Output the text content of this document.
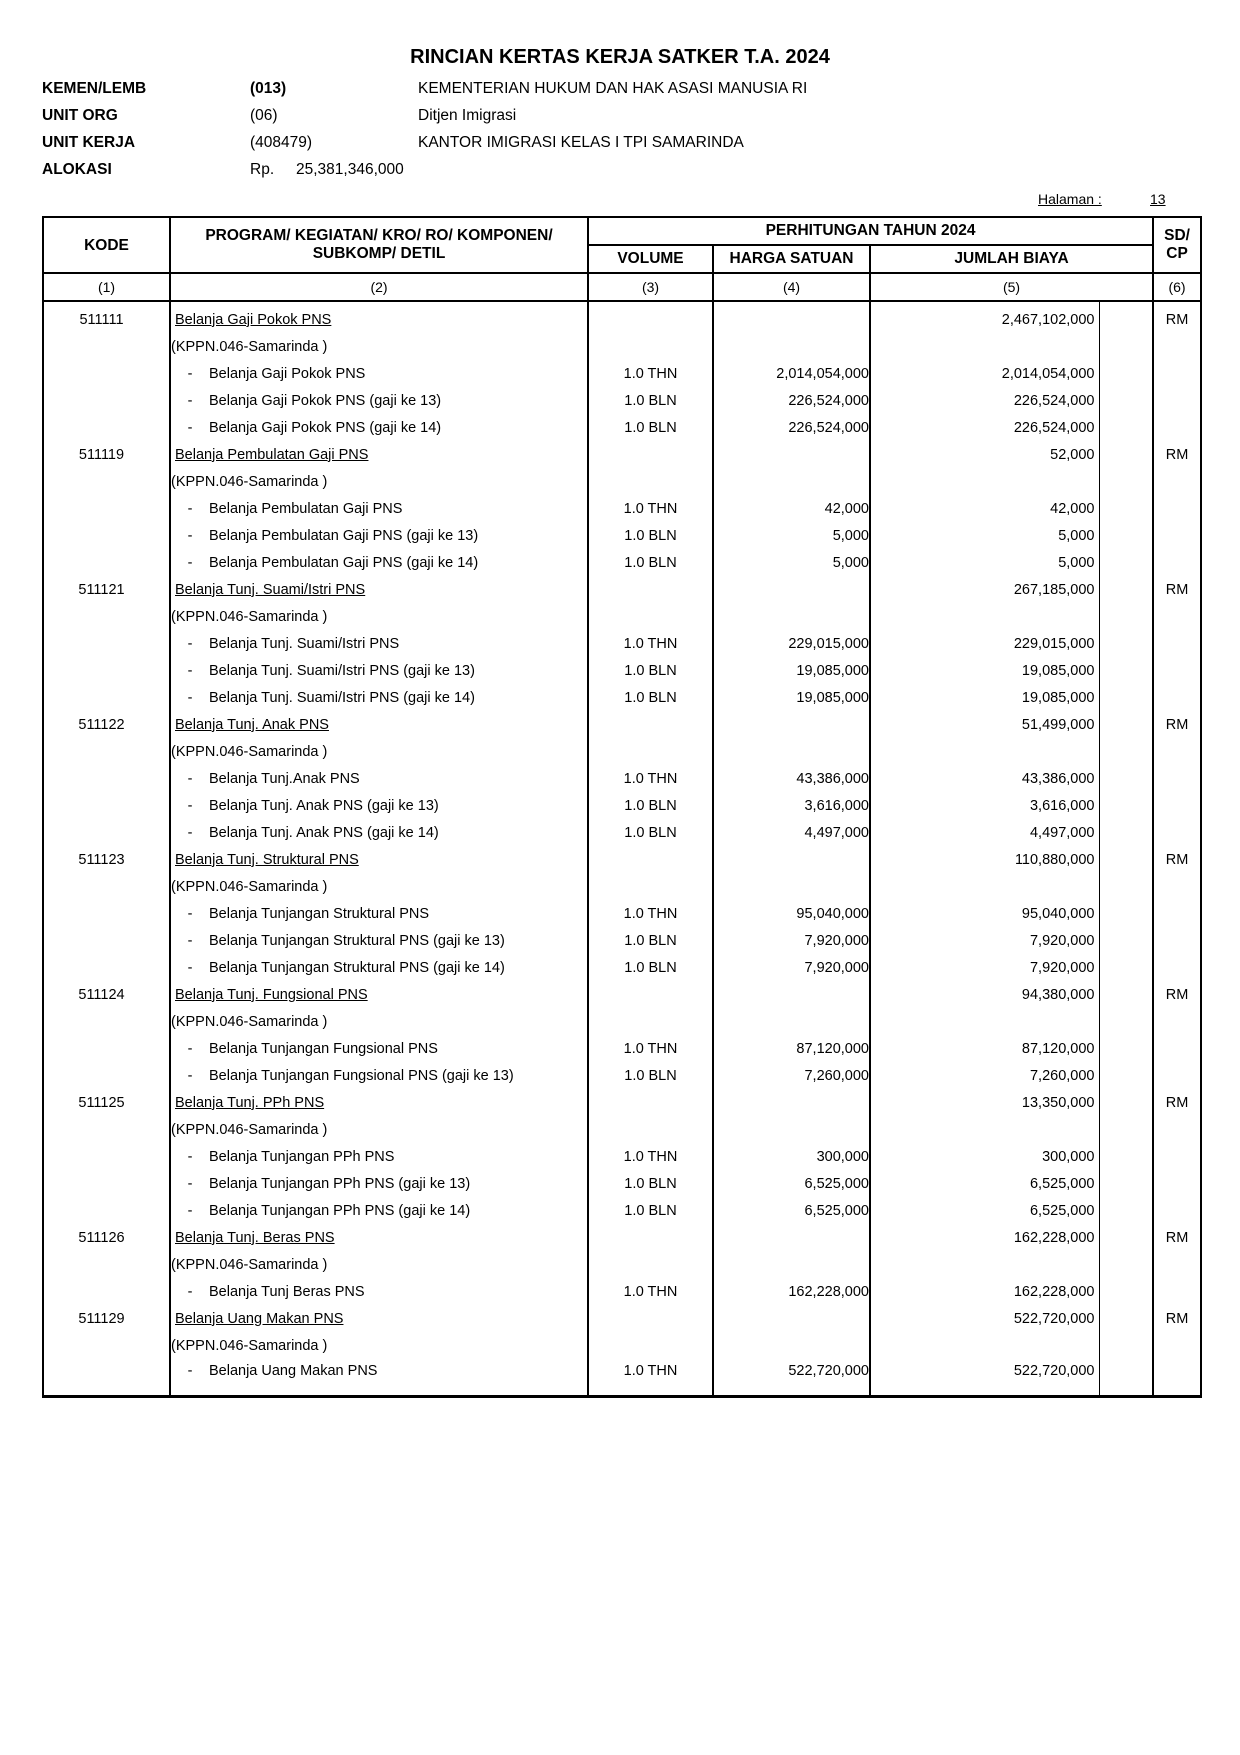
RINCIAN KERTAS KERJA SATKER T.A. 2024
KEMEN/LEMB	(013)	KEMENTERIAN HUKUM DAN HAK ASASI MANUSIA RI
UNIT ORG	(06)	Ditjen Imigrasi
UNIT KERJA	(408479)	KANTOR IMIGRASI KELAS I TPI SAMARINDA
ALOKASI	Rp. 25,381,346,000
Halaman :	13
KODE	PROGRAM/ KEGIATAN/ KRO/ RO/ KOMPONEN/ SUBKOMP/ DETIL	PERHITUNGAN TAHUN 2024				SD/ CP
		VOLUME	HARGA SATUAN	JUMLAH BIAYA		
(1)	(2)	(3)	(4)	(5)		(6)
511111	Belanja Gaji Pokok PNS			2,467,102,000		RM
	(KPPN.046-Samarinda )					
	- Belanja Gaji Pokok PNS	1.0 THN	2,014,054,000	2,014,054,000		
	- Belanja Gaji Pokok PNS (gaji ke 13)	1.0 BLN	226,524,000	226,524,000		
	- Belanja Gaji Pokok PNS (gaji ke 14)	1.0 BLN	226,524,000	226,524,000		
511119	Belanja Pembulatan Gaji PNS			52,000		RM
	(KPPN.046-Samarinda )					
	- Belanja Pembulatan Gaji PNS	1.0 THN	42,000	42,000		
	- Belanja Pembulatan Gaji PNS (gaji ke 13)	1.0 BLN	5,000	5,000		
	- Belanja Pembulatan Gaji PNS (gaji ke 14)	1.0 BLN	5,000	5,000		
511121	Belanja Tunj. Suami/Istri PNS			267,185,000		RM
	(KPPN.046-Samarinda )					
	- Belanja Tunj. Suami/Istri PNS	1.0 THN	229,015,000	229,015,000		
	- Belanja Tunj. Suami/Istri PNS (gaji ke 13)	1.0 BLN	19,085,000	19,085,000		
	- Belanja Tunj. Suami/Istri PNS (gaji ke 14)	1.0 BLN	19,085,000	19,085,000		
511122	Belanja Tunj. Anak PNS			51,499,000		RM
	(KPPN.046-Samarinda )					
	- Belanja Tunj.Anak PNS	1.0 THN	43,386,000	43,386,000		
	- Belanja Tunj. Anak PNS (gaji ke 13)	1.0 BLN	3,616,000	3,616,000		
	- Belanja Tunj. Anak PNS (gaji ke 14)	1.0 BLN	4,497,000	4,497,000		
511123	Belanja Tunj. Struktural PNS			110,880,000		RM
	(KPPN.046-Samarinda )					
	- Belanja Tunjangan Struktural PNS	1.0 THN	95,040,000	95,040,000		
	- Belanja Tunjangan Struktural PNS (gaji ke 13)	1.0 BLN	7,920,000	7,920,000		
	- Belanja Tunjangan Struktural PNS (gaji ke 14)	1.0 BLN	7,920,000	7,920,000		
511124	Belanja Tunj. Fungsional PNS			94,380,000		RM
	(KPPN.046-Samarinda )					
	- Belanja Tunjangan Fungsional PNS	1.0 THN	87,120,000	87,120,000		
	- Belanja Tunjangan Fungsional PNS (gaji ke 13)	1.0 BLN	7,260,000	7,260,000		
511125	Belanja Tunj. PPh PNS			13,350,000		RM
	(KPPN.046-Samarinda )					
	- Belanja Tunjangan PPh PNS	1.0 THN	300,000	300,000		
	- Belanja Tunjangan PPh PNS (gaji ke 13)	1.0 BLN	6,525,000	6,525,000		
	- Belanja Tunjangan PPh PNS (gaji ke 14)	1.0 BLN	6,525,000	6,525,000		
511126	Belanja Tunj. Beras PNS			162,228,000		RM
	(KPPN.046-Samarinda )					
	- Belanja Tunj Beras PNS	1.0 THN	162,228,000	162,228,000		
511129	Belanja Uang Makan PNS			522,720,000		RM
	(KPPN.046-Samarinda )					
	- Belanja Uang Makan PNS	1.0 THN	522,720,000	522,720,000		
